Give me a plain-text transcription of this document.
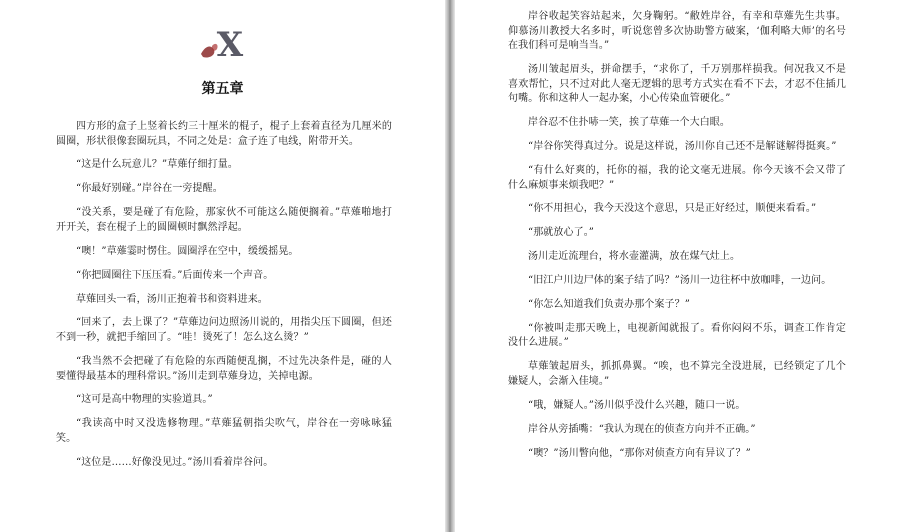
X
第五章

四方形的盒子上竖着长约三十厘米的棍子，棍子上套着直径为几厘米的圆圈，形状很像套圈玩具，不同之处是：盒子连了电线，附带开关。

“这是什么玩意儿？”草薙仔细打量。

“你最好别碰。”岸谷在一旁提醒。

“没关系，要是碰了有危险，那家伙不可能这么随便搁着。”草薙啪地打开开关，套在棍子上的圆圈顿时飘然浮起。

“噢！”草薙霎时愣住。圆圈浮在空中，缓缓摇晃。

“你把圆圈往下压压看。”后面传来一个声音。

草薙回头一看，汤川正抱着书和资料进来。

“回来了，去上课了？”草薙边问边照汤川说的，用指尖压下圆圈，但还不到一秒，就把手缩回了。“哇！烫死了！怎么这么烫？”

“我当然不会把碰了有危险的东西随便乱搁，不过先决条件是，碰的人要懂得最基本的理科常识。”汤川走到草薙身边，关掉电源。

“这可是高中物理的实验道具。”

“我读高中时又没选修物理。”草薙猛朝指尖吹气，岸谷在一旁咏咏猛笑。

“这位是……好像没见过。”汤川看着岸谷问。

岸谷收起笑容站起来，欠身鞠躬。“敝姓岸谷，有幸和草薙先生共事。仰慕汤川教授大名多时，听说您曾多次协助警方破案，‘伽利略大师’的名号在我们科可是响当当。”

汤川皱起眉头，拼命摆手，“求你了，千万别那样损我。何况我又不是喜欢帮忙，只不过对此人毫无逻辑的思考方式实在看不下去，才忍不住插几句嘴。你和这种人一起办案，小心传染血管硬化。”

岸谷忍不住扑哧一笑，挨了草薙一个大白眼。

“岸谷你笑得真过分。说是这样说，汤川你自己还不是解谜解得挺爽。”

“有什么好爽的，托你的福，我的论文毫无进展。你今天该不会又带了什么麻烦事来烦我吧？”

“你不用担心，我今天没这个意思，只是正好经过，顺便来看看。”

“那就放心了。”

汤川走近流理台，将水壶灌满，放在煤气灶上。

“旧江户川边尸体的案子结了吗？”汤川一边往杯中放咖啡，一边问。

“你怎么知道我们负责办那个案子？”

“你被叫走那天晚上，电视新闻就报了。看你闷闷不乐，调查工作肯定没什么进展。”

草薙皱起眉头，抓抓鼻翼。“唉，也不算完全没进展，已经锁定了几个嫌疑人，会渐入佳境。”

“哦，嫌疑人。”汤川似乎没什么兴趣，随口一说。

岸谷从旁插嘴：“我认为现在的侦查方向并不正确。”

“噢？”汤川瞥向他，“那你对侦查方向有异议了？”
